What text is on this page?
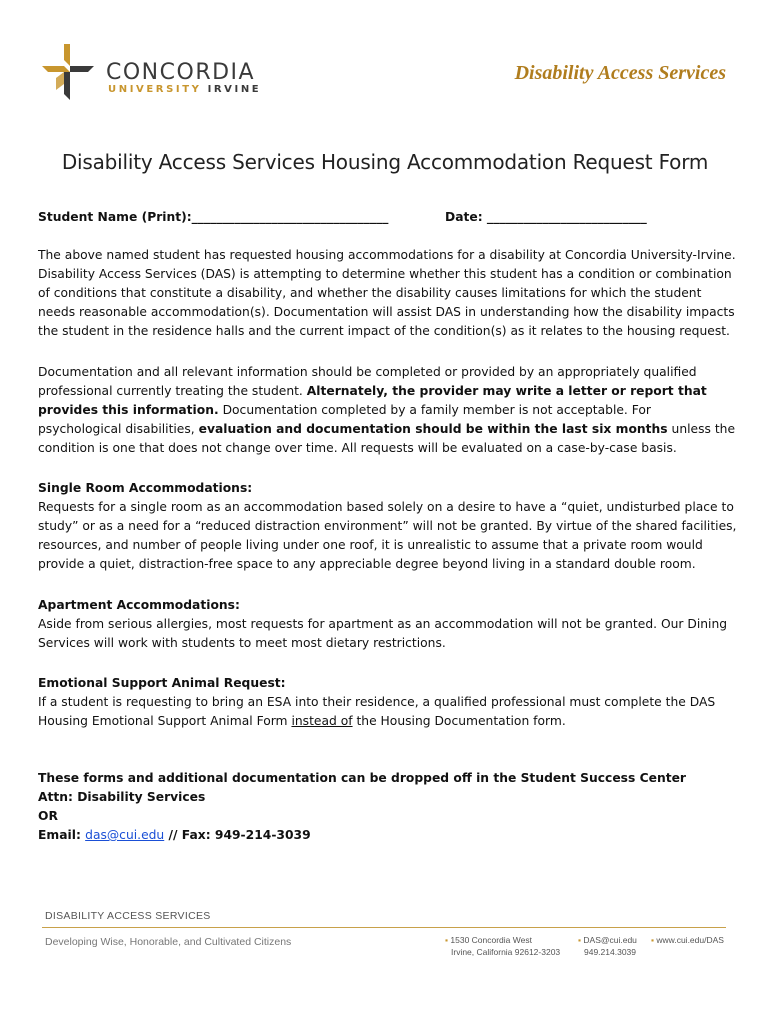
CONCORDIA
UNIVERSITY IRVINE
Disability Access Services
Disability Access Services Housing Accommodation Request Form
Student Name (Print):________________________________	Date: __________________________

The above named student has requested housing accommodations for a disability at Concordia University-Irvine. Disability Access Services (DAS) is attempting to determine whether this student has a condition or combination of conditions that constitute a disability, and whether the disability causes limitations for which the student needs reasonable accommodation(s). Documentation will assist DAS in understanding how the disability impacts the student in the residence halls and the current impact of the condition(s) as it relates to the housing request.

Documentation and all relevant information should be completed or provided by an appropriately qualified professional currently treating the student. Alternately, the provider may write a letter or report that provides this information. Documentation completed by a family member is not acceptable. For psychological disabilities, evaluation and documentation should be within the last six months unless the condition is one that does not change over time. All requests will be evaluated on a case-by-case basis.

Single Room Accommodations:

Requests for a single room as an accommodation based solely on a desire to have a “quiet, undisturbed place to study” or as a need for a “reduced distraction environment” will not be granted. By virtue of the shared facilities, resources, and number of people living under one roof, it is unrealistic to assume that a private room would provide a quiet, distraction-free space to any appreciable degree beyond living in a standard double room.

Apartment Accommodations:

Aside from serious allergies, most requests for apartment as an accommodation will not be granted. Our Dining Services will work with students to meet most dietary restrictions.

Emotional Support Animal Request:

If a student is requesting to bring an ESA into their residence, a qualified professional must complete the DAS Housing Emotional Support Animal Form instead of the Housing Documentation form.

These forms and additional documentation can be dropped off in the Student Success Center

Attn: Disability Services

OR

Email: das@cui.edu // Fax: 949-214-3039

DISABILITY ACCESS SERVICES
Developing Wise, Honorable, and Cultivated Citizens	▪ 1530 Concordia West
Irvine, California 92612-3203
▪ DAS@cui.edu
949.214.3039
▪ www.cui.edu/DAS
